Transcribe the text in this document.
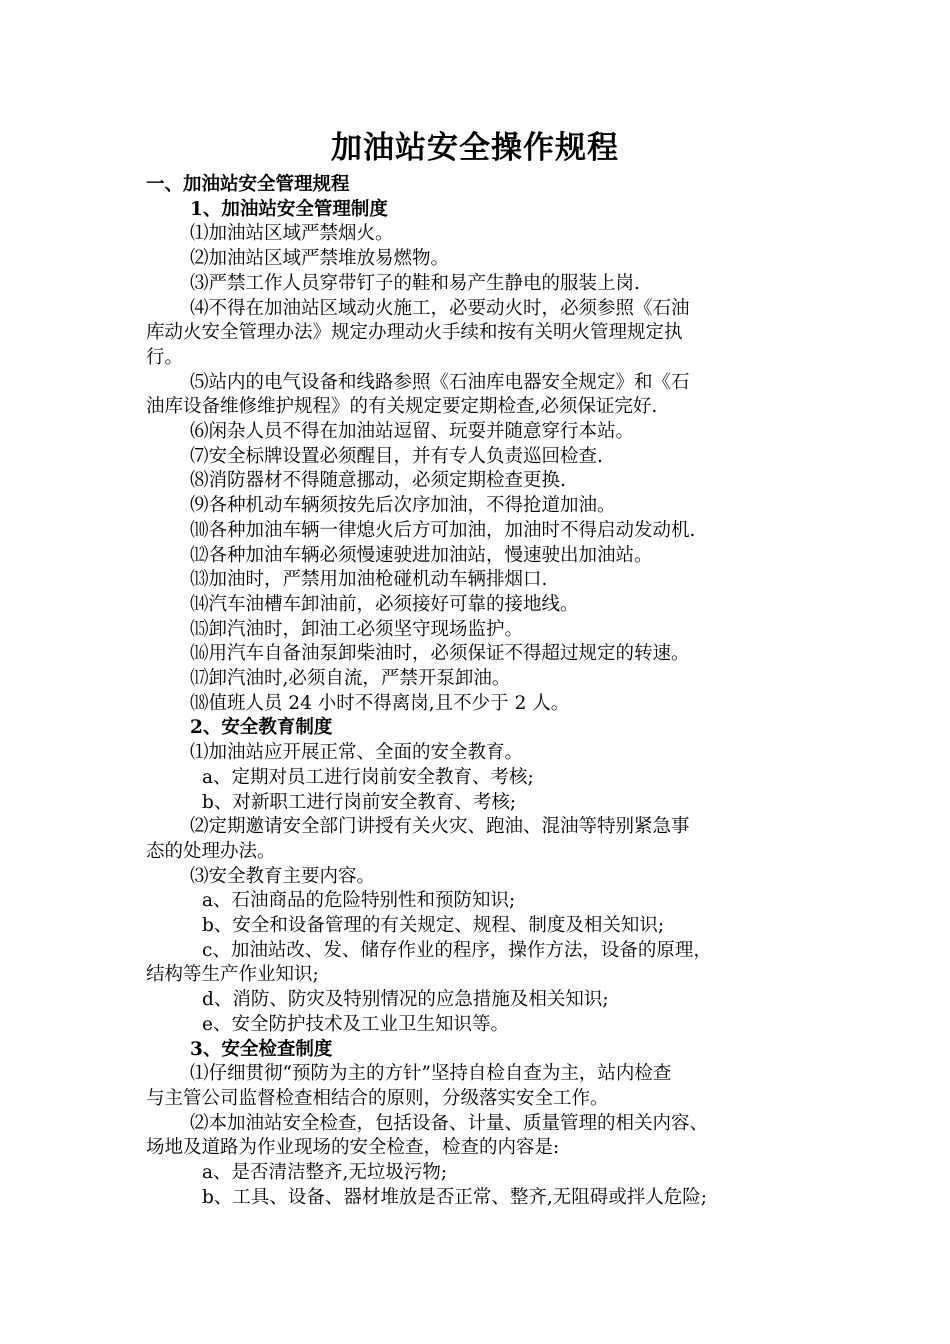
加油站安全操作规程
一、加油站安全管理规程
1、加油站安全管理制度
⑴加油站区域严禁烟火。
⑵加油站区域严禁堆放易燃物。
⑶严禁工作人员穿带钉子的鞋和易产生静电的服装上岗.
⑷不得在加油站区域动火施工，必要动火时，必须参照《石油
库动火安全管理办法》规定办理动火手续和按有关明火管理规定执
行。
⑸站内的电气设备和线路参照《石油库电器安全规定》和《石
油库设备维修维护规程》的有关规定要定期检查,必须保证完好.
⑹闲杂人员不得在加油站逗留、玩耍并随意穿行本站。
⑺安全标牌设置必须醒目，并有专人负责巡回检查.
⑻消防器材不得随意挪动，必须定期检查更换.
⑼各种机动车辆须按先后次序加油，不得抢道加油。
⑽各种加油车辆一律熄火后方可加油，加油时不得启动发动机.
⑿各种加油车辆必须慢速驶进加油站，慢速驶出加油站。
⒀加油时，严禁用加油枪碰机动车辆排烟口.
⒁汽车油槽车卸油前，必须接好可靠的接地线。
⒂卸汽油时，卸油工必须坚守现场监护。
⒃用汽车自备油泵卸柴油时，必须保证不得超过规定的转速。
⒄卸汽油时,必须自流，严禁开泵卸油。
⒅值班人员 24 小时不得离岗,且不少于 2 人。
2、安全教育制度
⑴加油站应开展正常、全面的安全教育。
a、定期对员工进行岗前安全教育、考核;
b、对新职工进行岗前安全教育、考核;
⑵定期邀请安全部门讲授有关火灾、跑油、混油等特别紧急事
态的处理办法。
⑶安全教育主要内容。
a、石油商品的危险特别性和预防知识;
b、安全和设备管理的有关规定、规程、制度及相关知识;
c、加油站改、发、储存作业的程序，操作方法，设备的原理，
结构等生产作业知识;
d、消防、防灾及特别情况的应急措施及相关知识;
e、安全防护技术及工业卫生知识等。
3、安全检查制度
⑴仔细贯彻“预防为主的方针”坚持自检自查为主，站内检查
与主管公司监督检查相结合的原则，分级落实安全工作。
⑵本加油站安全检查，包括设备、计量、质量管理的相关内容、
场地及道路为作业现场的安全检查，检查的内容是:
a、是否清洁整齐,无垃圾污物;
b、工具、设备、器材堆放是否正常、整齐,无阻碍或拌人危险;
